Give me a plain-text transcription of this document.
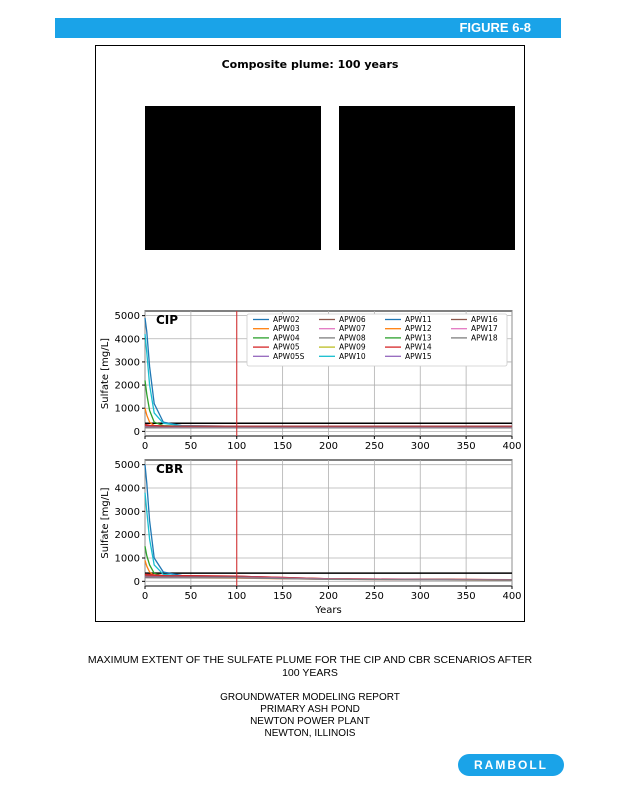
FIGURE 6-8
Composite plume: 100 years
0	50	100	150	200	250	300	350	400
0
1000
2000
3000
4000
5000 CIP
Sulfate [mg/L]
APW02
APW03
APW04
APW05
APW05S
APW06
APW07
APW08
APW09
APW10
APW11
APW12
APW13
APW14
APW15
APW16
APW17
APW18
0	50	100	150	200	250	300	350	400
0
1000
2000
3000
4000
5000 CBR
Sulfate [mg/L]
Years
MAXIMUM EXTENT OF THE SULFATE PLUME FOR THE CIP AND CBR SCENARIOS AFTER
100 YEARS
GROUNDWATER MODELING REPORT
PRIMARY ASH POND
NEWTON POWER PLANT
NEWTON, ILLINOIS
RAMBOLL
